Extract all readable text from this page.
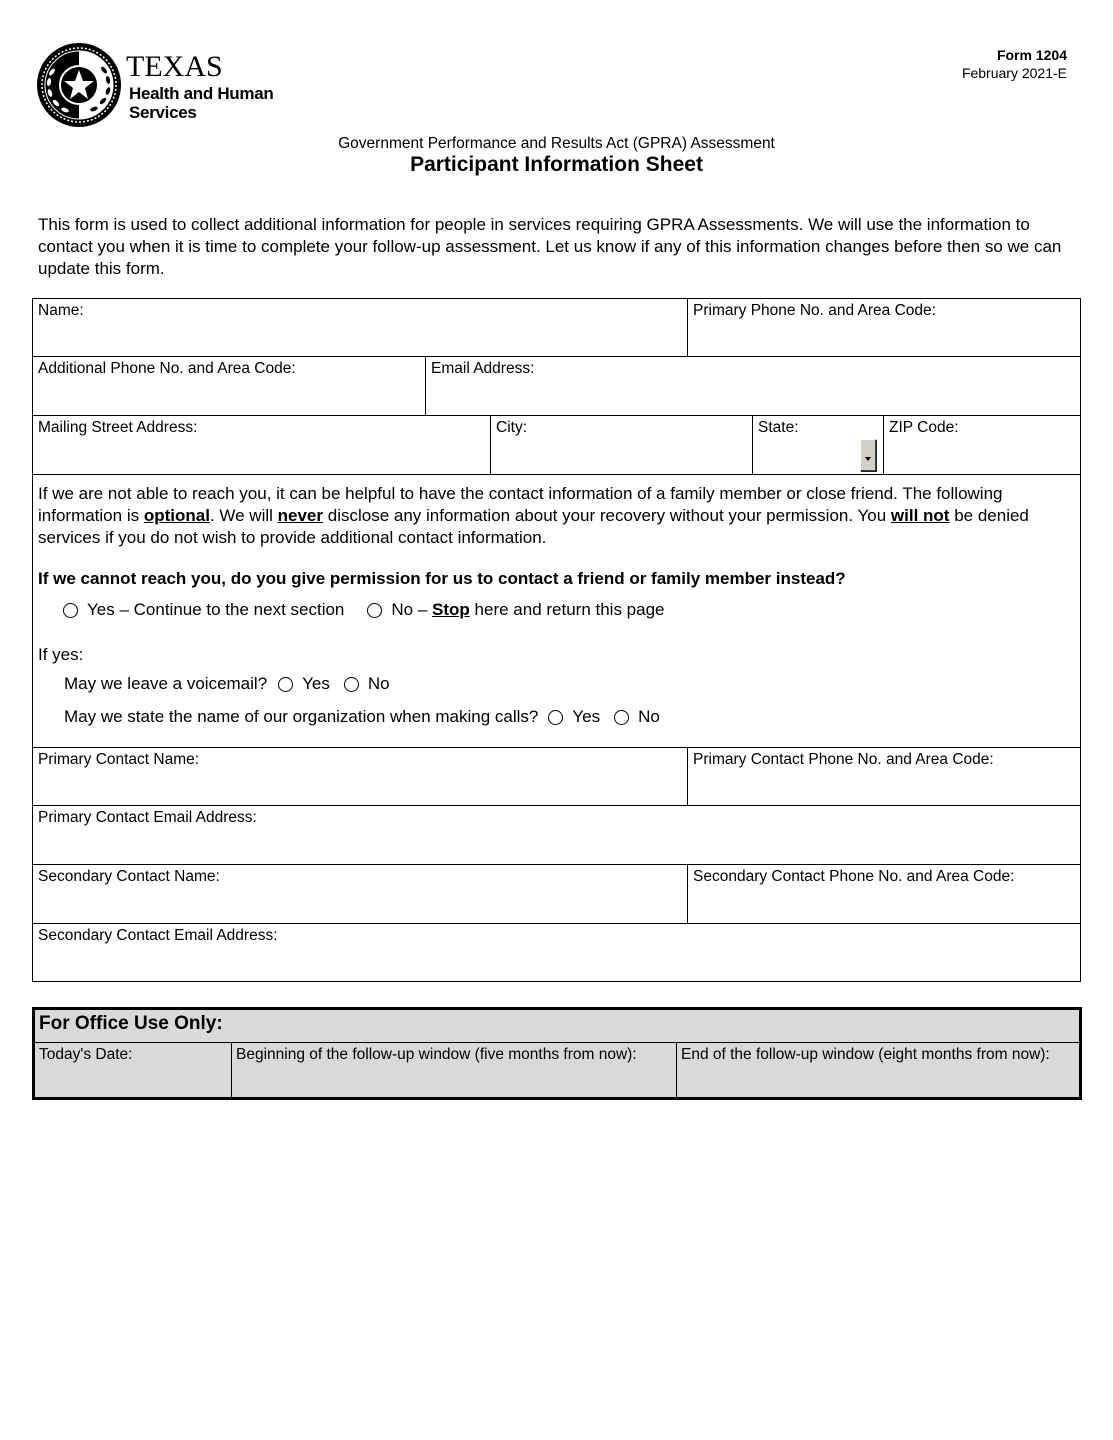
TEXAS
Health and Human
Services
Form 1204
February 2021-E
Government Performance and Results Act (GPRA) Assessment
Participant Information Sheet
This form is used to collect additional information for people in services requiring GPRA Assessments. We will use the information to contact you when it is time to complete your follow-up assessment. Let us know if any of this information changes before then so we can update this form.
Name:	Primary Phone No. and Area Code:
Additional Phone No. and Area Code:	Email Address:
Mailing Street Address:	City:	State:	ZIP Code:
If we are not able to reach you, it can be helpful to have the contact information of a family member or close friend. The following information is optional. We will never disclose any information about your recovery without your permission. You will not be denied services if you do not wish to provide additional contact information.
If we cannot reach you, do you give permission for us to contact a friend or family member instead?
Yes – Continue to the next section	No – Stop here and return this page
If yes:
May we leave a voicemail? Yes No
May we state the name of our organization when making calls? Yes No
Primary Contact Name:	Primary Contact Phone No. and Area Code:
Primary Contact Email Address:
Secondary Contact Name:	Secondary Contact Phone No. and Area Code:
Secondary Contact Email Address:
For Office Use Only:
Today's Date:	Beginning of the follow-up window (five months from now):	End of the follow-up window (eight months from now):
